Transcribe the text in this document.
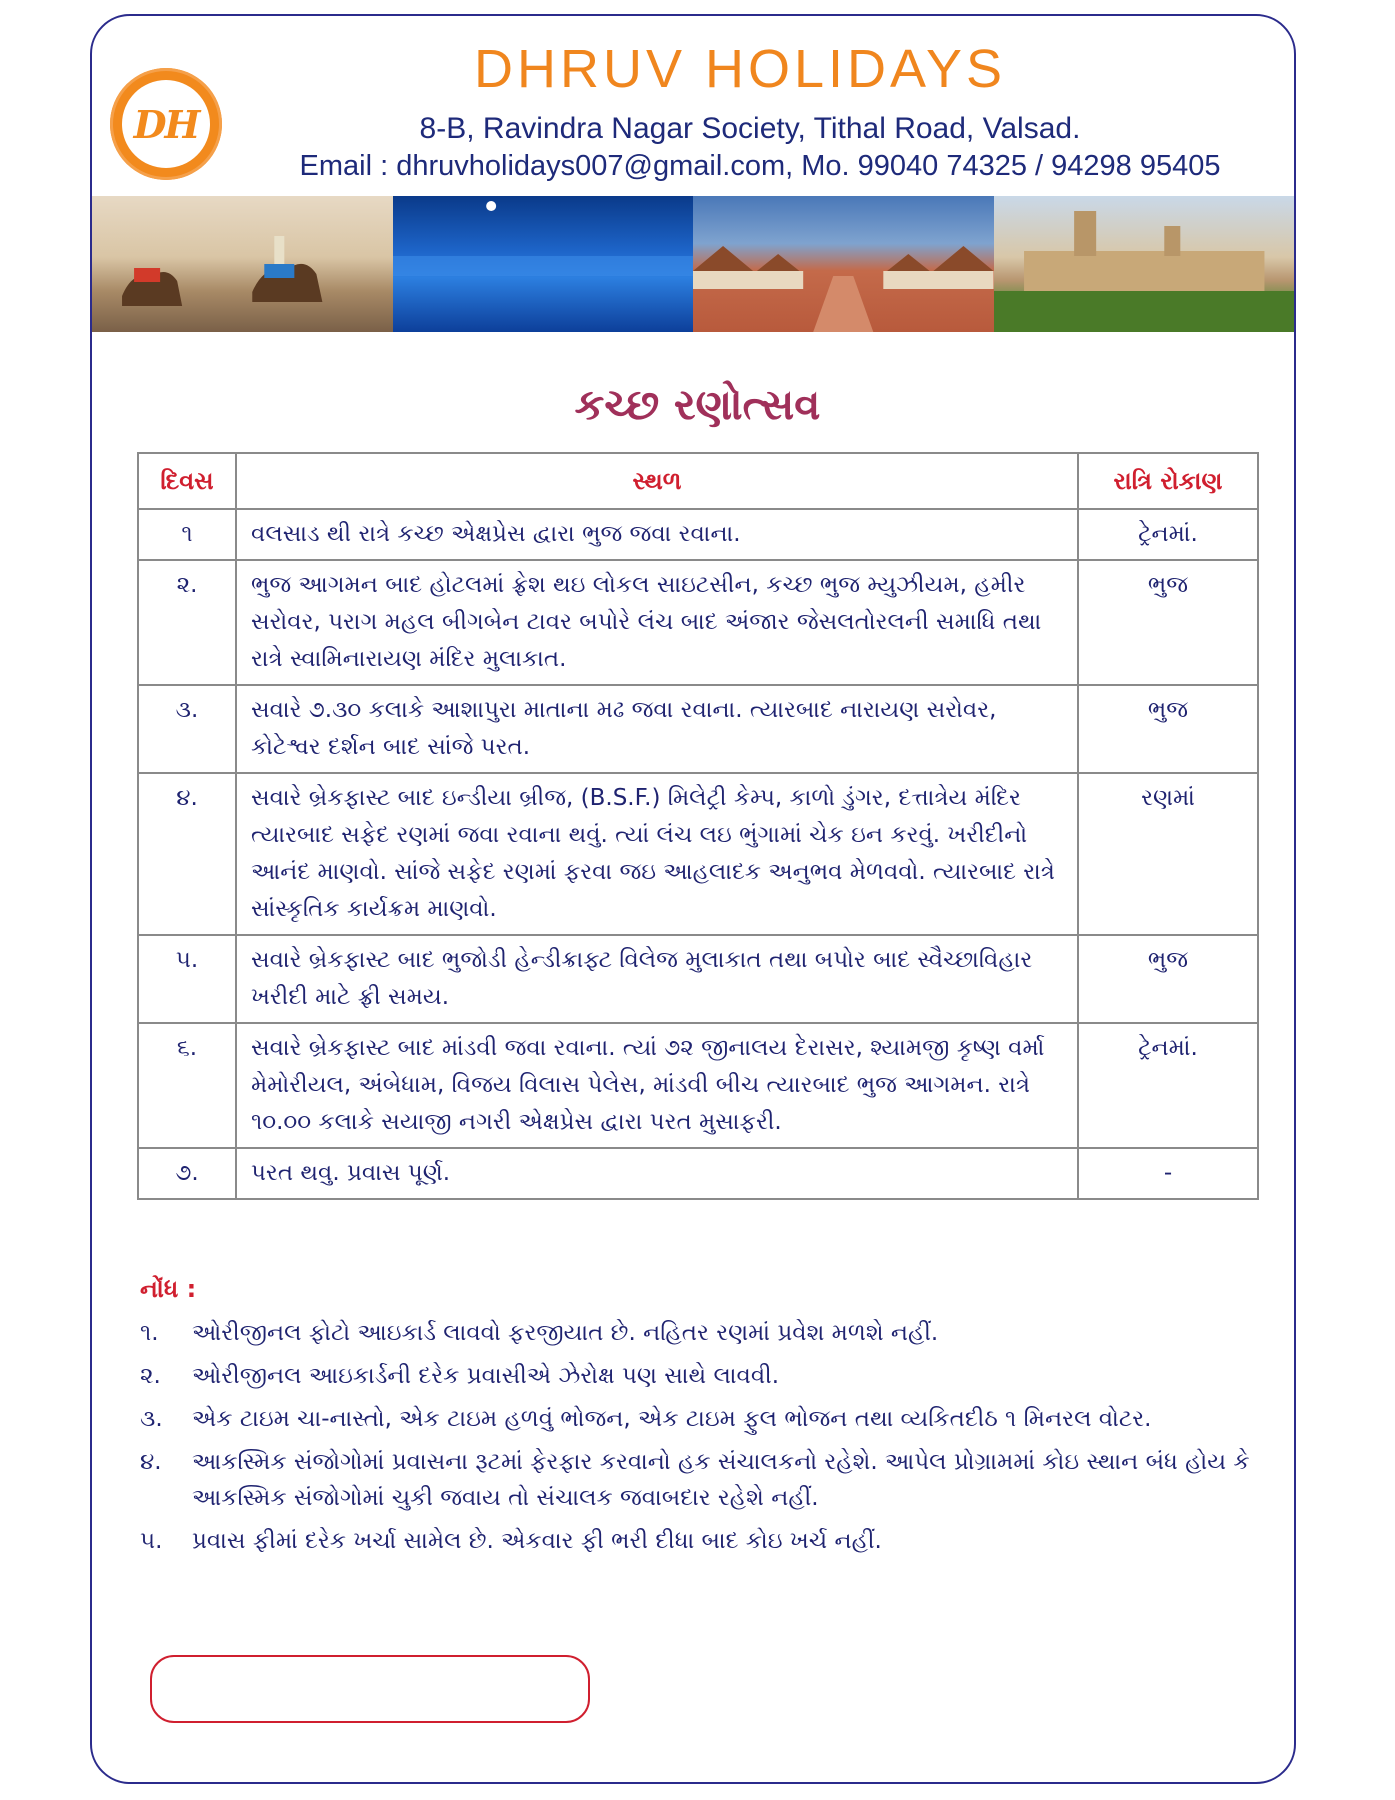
DH
DHRUV HOLIDAYS
8-B, Ravindra Nagar Society, Tithal Road, Valsad.
Email : dhruvholidays007@gmail.com, Mo. 99040 74325 / 94298 95405
કચ્છ રણોત્સવ
દિવસ	સ્થળ	રાત્રિ રોકાણ
૧	વલસાડ થી રાત્રે કચ્છ એક્ષપ્રેસ દ્વારા ભુજ જવા રવાના.	ટ્રેનમાં.
૨.	ભુજ આગમન બાદ હોટલમાં ફ્રેશ થઇ લોકલ સાઇટસીન, કચ્છ ભુજ મ્યુઝીયમ, હમીર સરોવર, પરાગ મહલ બીગબેન ટાવર બપોરે લંચ બાદ અંજાર જેસલતોરલની સમાધિ તથા રાત્રે સ્વામિનારાયણ મંદિર મુલાકાત.	ભુજ
૩.	સવારે ૭.૩૦ કલાકે આશાપુરા માતાના મઢ જવા રવાના. ત્યારબાદ નારાયણ સરોવર, કોટેશ્વર દર્શન બાદ સાંજે પરત.	ભુજ
૪.	સવારે બ્રેકફાસ્ટ બાદ ઇન્ડીયા બ્રીજ, (B.S.F.) મિલેટ્રી કેમ્પ, કાળો ડુંગર, દત્તાત્રેય મંદિર ત્યારબાદ સફેદ રણમાં જવા રવાના થવું. ત્યાં લંચ લઇ ભુંગામાં ચેક ઇન કરવું. ખરીદીનો આનંદ માણવો. સાંજે સફેદ રણમાં ફરવા જઇ આહલાદક અનુભવ મેળવવો. ત્યારબાદ રાત્રે સાંસ્કૃતિક કાર્યક્રમ માણવો.	રણમાં
૫.	સવારે બ્રેકફાસ્ટ બાદ ભુજોડી હેન્ડીક્રાફ્ટ વિલેજ મુલાકાત તથા બપોર બાદ સ્વૈચ્છાવિહાર ખરીદી માટે ફ્રી સમય.	ભુજ
૬.	સવારે બ્રેકફાસ્ટ બાદ માંડવી જવા રવાના. ત્યાં ૭૨ જીનાલય દેરાસર, શ્યામજી કૃષ્ણ વર્મા મેમોરીયલ, અંબેધામ, વિજય વિલાસ પેલેસ, માંડવી બીચ ત્યારબાદ ભુજ આગમન. રાત્રે ૧૦.૦૦ કલાકે સયાજી નગરી એક્ષપ્રેસ દ્વારા પરત મુસાફરી.	ટ્રેનમાં.
૭.	પરત થવુ. પ્રવાસ પૂર્ણ.	-
નોંધ :
૧.	ઓરીજીનલ ફોટો આઇકાર્ડ લાવવો ફરજીયાત છે. નહિતર રણમાં પ્રવેશ મળશે નહીં.
૨.	ઓરીજીનલ આઇકાર્ડની દરેક પ્રવાસીએ ઝેરોક્ષ પણ સાથે લાવવી.
૩.	એક ટાઇમ ચા-નાસ્તો, એક ટાઇમ હળવું ભોજન, એક ટાઇમ ફુલ ભોજન તથા વ્યકિતદીઠ ૧ મિનરલ વોટર.
૪.	આકસ્મિક સંજોગોમાં પ્રવાસના રૂટમાં ફેરફાર કરવાનો હક સંચાલકનો રહેશે. આપેલ પ્રોગ્રામમાં કોઇ સ્થાન બંધ હોય કે આકસ્મિક સંજોગોમાં ચુકી જવાય તો સંચાલક જવાબદાર રહેશે નહીં.
૫.	પ્રવાસ ફીમાં દરેક ખર્ચા સામેલ છે. એકવાર ફી ભરી દીધા બાદ કોઇ ખર્ચ નહીં.
